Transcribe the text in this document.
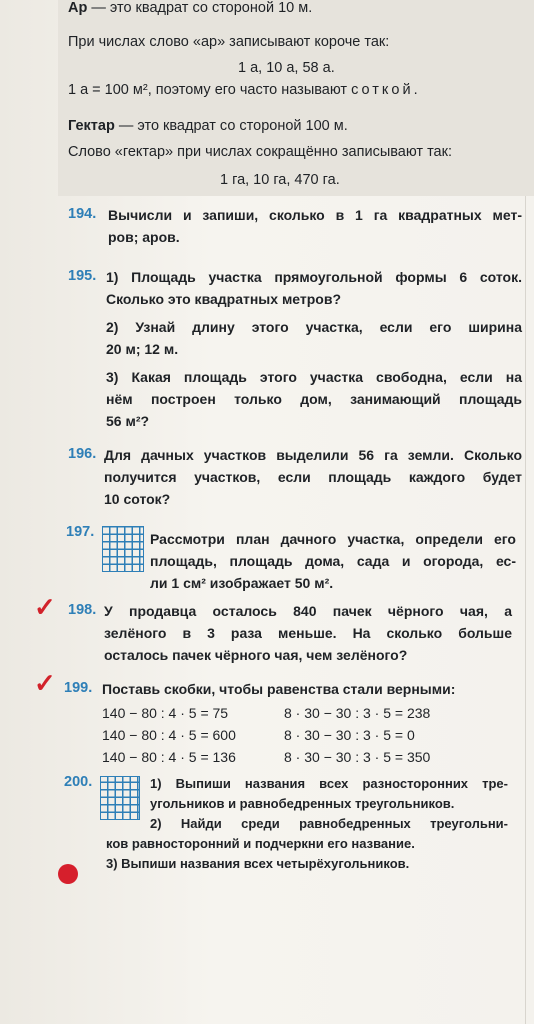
Ар — это квадрат со стороной 10 м.
При числах слово «ар» записывают короче так:
1 а, 10 а, 58 а.
1 а = 100 м², поэтому его часто называют соткой.
Гектар — это квадрат со стороной 100 м.
Слово «гектар» при числах сокращённо записывают так:
1 га, 10 га, 470 га.
194. Вычисли и запиши, сколько в 1 га квадратных мет-

ров; аров.

195. 1) Площадь участка прямоугольной формы 6 соток.

Сколько это квадратных метров?

2) Узнай длину этого участка, если его ширина

20 м; 12 м.

3) Какая площадь этого участка свободна, если на

нём построен только дом, занимающий площадь

56 м²?

196. Для дачных участков выделили 56 га земли. Сколько

получится участков, если площадь каждого будет

10 соток?

197.	Рассмотри план дачного участка, определи его

площадь, площадь дома, сада и огорода, ес-

ли 1 см² изображает 50 м².

✓ 198. У продавца осталось 840 пачек чёрного чая, а

зелёного в 3 раза меньше. На сколько больше

осталось пачек чёрного чая, чем зелёного?

✓ 199. Поставь скобки, чтобы равенства стали верными:
140 − 80 : 4 · 5 = 75
140 − 80 : 4 · 5 = 600
140 − 80 : 4 · 5 = 136
8 · 30 − 30 : 3 · 5 = 238
8 · 30 − 30 : 3 · 5 = 0
8 · 30 − 30 : 3 · 5 = 350
200.	1) Выпиши названия всех разносторонних тре-

угольников и равнобедренных треугольников.

2) Найди среди равнобедренных треугольни-

ков равносторонний и подчеркни его название.

3) Выпиши названия всех четырёхугольников.
